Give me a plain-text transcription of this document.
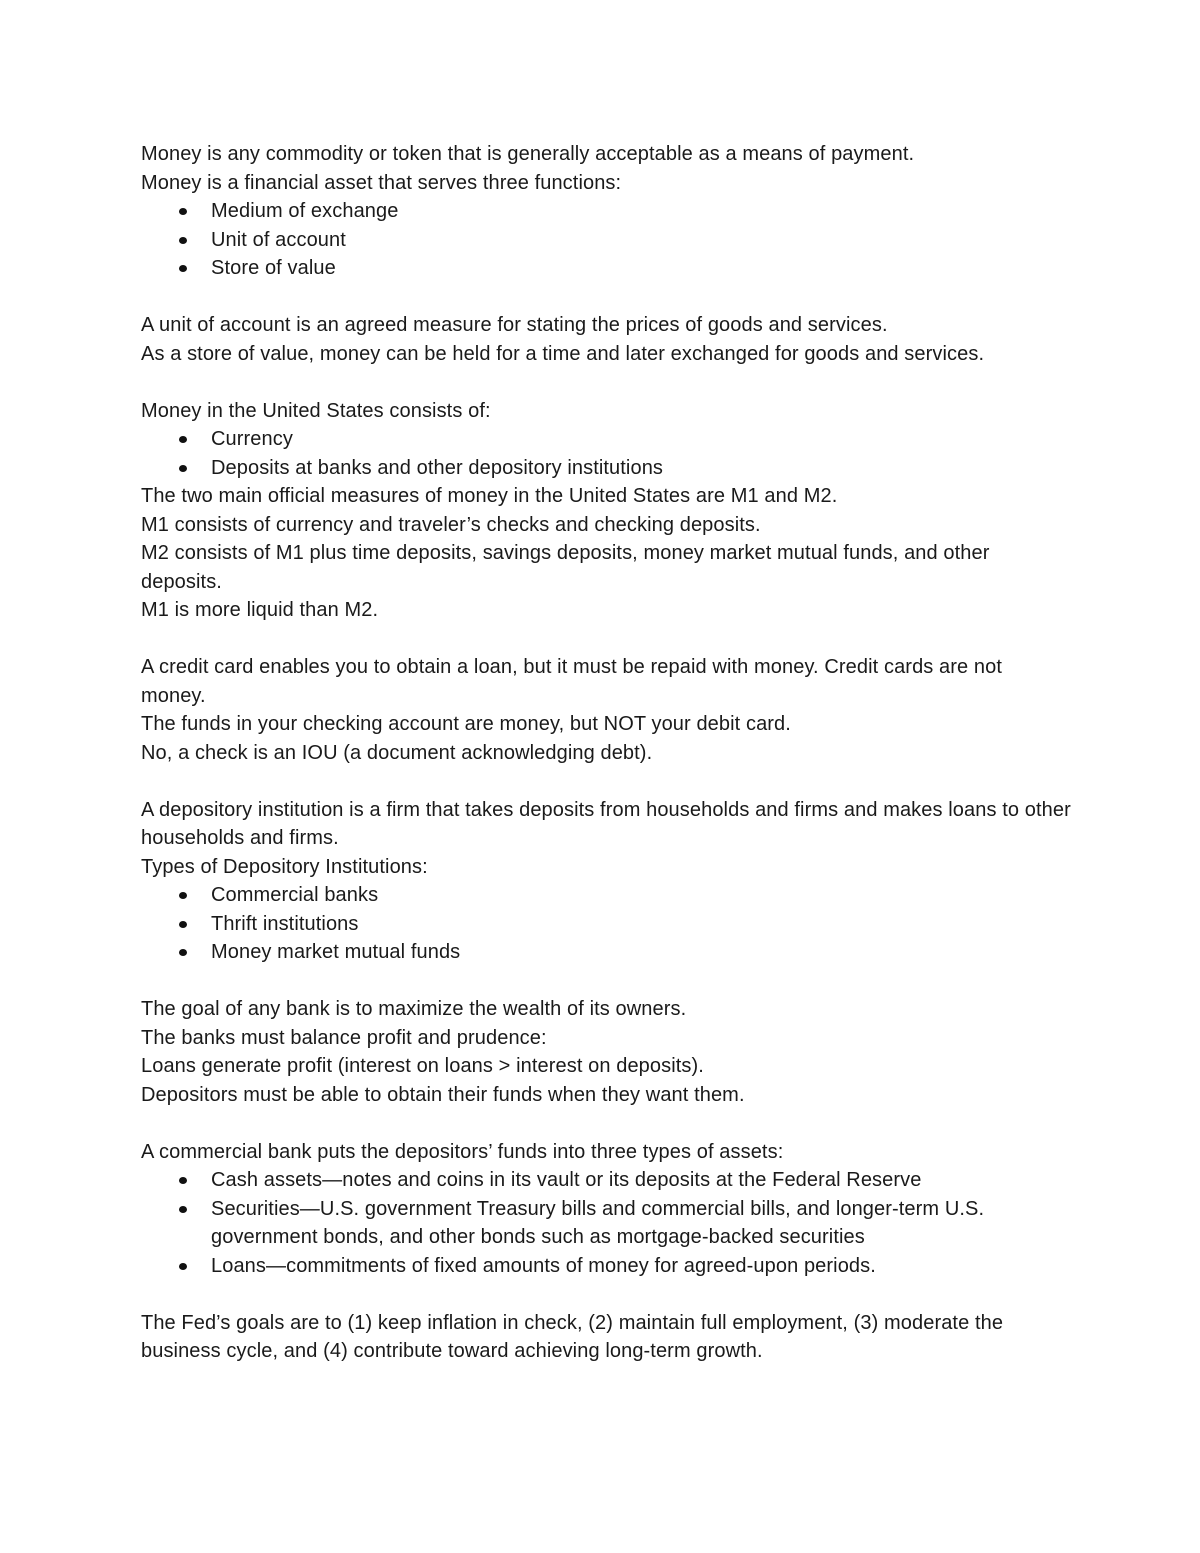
Money is any commodity or token that is generally acceptable as a means of payment.

Money is a financial asset that serves three functions:

Medium of exchange
Unit of account
Store of value

A unit of account is an agreed measure for stating the prices of goods and services.

As a store of value, money can be held for a time and later exchanged for goods and services.

Money in the United States consists of:

Currency
Deposits at banks and other depository institutions

The two main official measures of money in the United States are M1 and M2.

M1 consists of currency and traveler’s checks and checking deposits.

M2 consists of M1 plus time deposits, savings deposits, money market mutual funds, and other deposits.

M1 is more liquid than M2.

A credit card enables you to obtain a loan, but it must be repaid with money. Credit cards are not money.

The funds in your checking account are money, but NOT your debit card.

No, a check is an IOU (a document acknowledging debt).

A depository institution is a firm that takes deposits from households and firms and makes loans to other households and firms.

Types of Depository Institutions:

Commercial banks
Thrift institutions
Money market mutual funds

The goal of any bank is to maximize the wealth of its owners.

The banks must balance profit and prudence:

Loans generate profit (interest on loans > interest on deposits).

Depositors must be able to obtain their funds when they want them.

A commercial bank puts the depositors’ funds into three types of assets:

Cash assets—notes and coins in its vault or its deposits at the Federal Reserve
Securities—U.S. government Treasury bills and commercial bills, and longer-term U.S. government bonds, and other bonds such as mortgage-backed securities
Loans—commitments of fixed amounts of money for agreed-upon periods.

The Fed’s goals are to (1) keep inflation in check, (2) maintain full employment, (3) moderate the business cycle, and (4) contribute toward achieving long-term growth.
